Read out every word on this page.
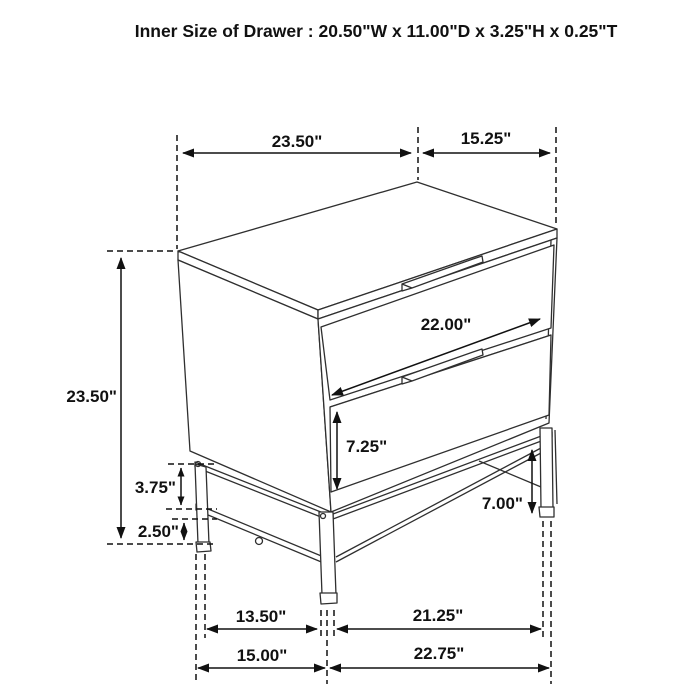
Inner Size of Drawer : 20.50"W x 11.00"D x 3.25"H x 0.25"T
23.50"	15.25"
23.50"
3.75"
2.50"
22.00"
7.25"
7.00"
13.50"	21.25"
15.00"	22.75"
